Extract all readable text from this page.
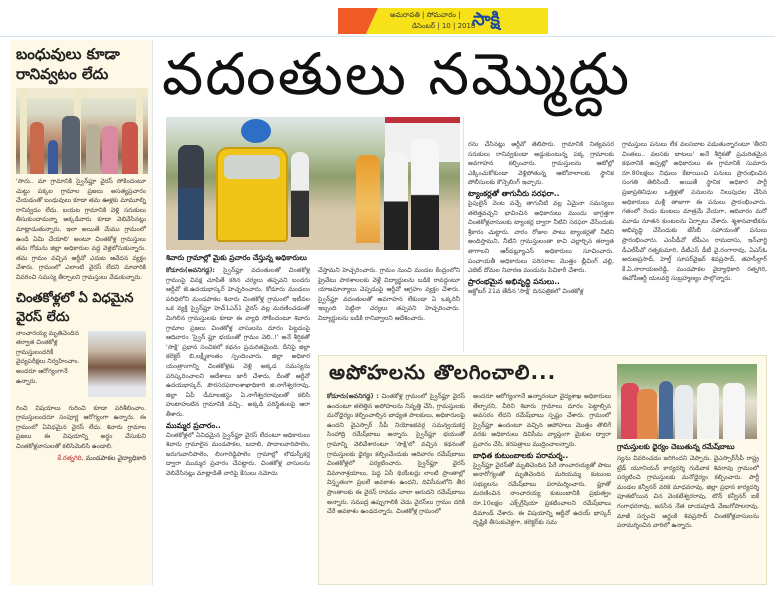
అమరావతి | సోమవారం |
డిసెంబర్ | 10 | 2018
సాక్షి
వదంతులు నమ్మొద్దు
బంధువులు కూడా రానివ్వటం లేదు
'సారు.. మా గ్రామానికి స్వైన్‌ఫ్లూ వైరస్ సోకిందంటూ చుట్టు పక్కల గ్రామాల ప్రజలు అసత్యప్రచారం చేయడంతో బంధువులు కూడా తమ ఊళ్లకు మామూల్ని రానివ్వడం లేదు. బయట గ్రామానికి వెళ్లి సరుకులు తీసుకుందామన్నా అక్కడివారు కూడా వెలివేసినట్లు మాట్లాడుతున్నారు. ఇలా అయితే మేము గ్రామంలో ఉండి ఏమి చేయాలి' అంటూ చింతకోళ్ల గ్రామస్తులు తమ గోడును జిల్లా అధికారుల వద్ద వెళ్లబోసుకున్నారు. తమ గ్రామం వచ్చిన ఆర్డీవో ఎదుట ఆవేదన వ్యక్తం చేశారు. గ్రామంలో ఎలాంటి వైరస్ లేదని మావారికి వివరించి సమస్య తీర్చాలని గ్రామస్తులు వేడుకున్నారు.
చింతకోళ్లలో ఏ విధమైన వైరస్ లేదు
నాంచారయ్య మృతిచెందిన తర్వాత చింతకోళ్ల గ్రామస్తులందరికీ వైద్యపరీక్షలు నిర్వహించాం. అందరూ ఆరోగ్యంగానే ఉన్నారు.
రించి విషయాలు గురించి కూడా పరిశీలించాం. గ్రామస్తులందరూ సంపూర్ణ ఆరోగ్యంగా ఉన్నారు. ఈ గ్రామంలో ఏవిధమైన వైరస్ లేదు. శివారు గ్రామాల ప్రజలు ఈ విషయాన్ని అర్థం చేసుకుని చింతకోళ్లవాసులతో కలిసిమెలిసి ఉండాలి.
కే.రత్నగిరి, మండపాకల వైద్యాధికారి
శివారు గ్రామాల్లో మైకు ప్రచారం చేస్తున్న అధికారులు
కోడూరు(అవనిగడ్డ): స్వైన్‌ఫ్లూ వదంతులతో చింతకోళ్ల గ్రామంపై వివక్ష చూపితే కఠిన చర్యలు తప్పవని బందరు ఆర్డీవో జె.ఉదయభాస్కర్ హెచ్చరించారు. కోడూరు మండలం పరిధిలోని మండపాకల శివారు చింతకోళ్ల గ్రామంలో ఇటీవల ఒక వ్యక్తి స్వైన్‌ఫ్లూ హెచ్1ఎన్1 వైరస్ వల్ల మరణించడంతో మిగిలిన గ్రామస్తులకు కూడా ఈ వ్యాధి సోకిందంటూ శివారు గ్రామాల ప్రజలు చింతకోళ్ల వాసులను దూరం పెట్టడంపై ఆదివారం 'స్వైన్ ఫ్లూ భయంతో గ్రామం వెలి..!' అనే శీర్షికతో 'సాక్షి' ప్రధాన సంచికలో కథనం ప్రచురితమైంది. దీనిపై జిల్లా కలెక్టర్ బి.లక్ష్మీకాంతం స్పందించారు. జిల్లా అధికార యంత్రాంగాన్ని చింతకోళ్లకు వెళ్లి అక్కడ సమస్యను పరిష్కరించాలని ఆదేశాలు జారీ చేశారు. దీంతో ఆర్డీవో ఉదయభాస్కర్, పౌరసరఫరాలశాఖాధికారి జి.నాగేశ్వరరావు, జిల్లా ఏపీ డీమాలజిస్టు ఏ.నాగేశ్వరరావులతో కలిసి హుటాహుటిన గ్రామానికి వచ్చి.. అక్కడి పరిస్థితులపై ఆరా తీశారు.
ముమ్మర ప్రచారం..
చింతకోళ్లలో ఏవిధమైన స్వైన్‌ఫ్లూ వైరస్ లేదంటూ అధికారులు శివారు గ్రామాలైన మండపాకల, బదాలి, పాదాలవారిపాలెం, జరుగువానిపాలెం, లింగారెడ్డిపాలెం గ్రామాల్లో లౌడుస్పీకర్ల ద్వారా ముమ్మర ప్రచారం చేపట్టారు. చింతకోళ్ల వాసులను వెలివేసినట్లు మాట్లాడితే వారిపై కేసులు నమోదు
చేస్తామని హెచ్చరించారు. గ్రామం నుంచి మండల కేంద్రంలోని ప్రైవేటు పాఠశాలలకు వెళ్లే విద్యార్థులను బడికి రావద్దంటూ యాజమాన్యాలు చెప్పడంపై ఆర్డీవో ఆగ్రహం వ్యక్తం చేశారు. స్వైన్‌ఫ్లూ వదంతులతో అవగాహన లేకుండా ఏ ఒక్కరినీ ఇబ్బంది పెట్టినా చర్యలు తప్పవని హెచ్చరించారు. విద్యార్థులను బడికి రానివ్వాలని ఆదేశించారు.
రను చేసినట్లు ఆర్డీవో తెలిపారు. గ్రామానికి నిత్యవసర సరుకులు రానివ్వకుండా అడ్డుకుంటున్న పక్క గ్రామాలకు అవగాహన కల్పించారు. గ్రామస్తులను ఆటోల్లో ఎక్కించుకోకుండా వెళ్లిపోతున్న ఆటోవాలాలకు స్థానిక పోలీసులకు కౌన్సెలింగ్ ఇచ్చారు.
ట్యాంకర్లతో తాగునీరు సరఫరా..
పైపులైన్ వెంట వచ్చే తాగునీటి వల్ల ఏమైనా సమస్యలు తలెత్తవచ్చని భావించిన అధికారులు ముందు జాగ్రత్తగా చింతకోళ్లవాసులకు ట్యాంకర్ల ద్వారా నీటిని సరఫరా చేసేందుకు శ్రీకారం చుట్టారు. వారం రోజుల పాటు ట్యాంకర్లతో నీటిని అందిస్తామని, నీటిని గ్రామస్తులంతా కాచి చల్లార్చిన తర్వాత తాగాలని ఆర్‌డబ్ల్యూఎస్ అధికారులు సూచించారు. పంచాయతీ అధికారులు పరిసరాల మొత్తం బ్లీచింగ్ చల్లి, ఎబెట్ దోమల నివారణ మందును పిచికారీ చేశారు.
ప్రారంభమైన అభివృద్ధి పనులు..
అక్టోబర్ 21వ తేదీన 'సాక్షి' దినపత్రికలో చింతకోళ్ల
గ్రామస్తులు పనులు లేక వలసబాట పడుతున్నారంటూ 'తీరని చింతలు.. వలసకు బాటలు' అనే శీర్షికతో ప్రచురితమైన కథనానికి అప్పట్లో అధికారులు ఈ గ్రామానికి సుమారు రూ.80లక్షలు నిధులు కేటాయించి పనులు ప్రారంభించిన సంగతి తెలిసిందే. అయితే స్థానిక అధికార పార్టీ ప్రజాప్రతినిధుల ఒత్తిళ్లతో పనులను నిలుపుదల చేసిన అధికారులు మళ్లీ తాజాగా ఈ పనులు ప్రారంభించారు. గతంలో రెండు కుంటలు మాత్రమే వేయగా, ఆదివారం మరో మూడు నూతన కుంటలను ఏర్పాటు చేశారు. శ్మశానవాటికను అభివృద్ధి చేసేందుకు జేసీబీ సహాయంతో పనులు ప్రారంభించారు. ఎంపీడీవో టీపీఎం రామదాసు, ఇన్‌చార్జి డీఎల్‌పీవో రత్నకుమారి, డీటీఎస్ డీటీ వై.రంగారావు, ఏఎస్ఓ అరుణప్రసాద్, హెల్త్ సూపర్‌వైజర్ శివప్రసాద్, తహసీల్దార్ కే.ఏ.నారాయణరెడ్డి, మండపాకల వైద్యాధికారి రత్నగిరి, ఈవోపీఆర్డీ యలవర్తి సుబ్రహ్మణ్యం పాల్గొన్నారు.
అపోహలను తొలగించాలి...
కోడూరు(అవనిగడ్డ) : చింతకోళ్ల గ్రామంలో స్వైన్‌ఫ్లూ వైరస్ ఉందంటూ తలెత్తిన అపోహలను నివృత్తి చేసి, గ్రామస్తులకు మనోధైర్యం కల్పించాల్సిన బాధ్యత పాలకులు, అధికారులపై ఉందని వైఎస్సార్ సీపీ నియోజకవర్గ సమన్వయకర్త సింహాద్రి రమేష్‌బాబు అన్నారు. స్వైన్‌ఫ్లూ భయంతో గ్రామాన్ని వెలివేశారంటూ 'సాక్షి'లో వచ్చిన కథనంతో గ్రామస్తులకు ధైర్యం కల్పించేందుకు ఆదివారం రమేష్‌బాబు చింతకోళ్లలో పర్యటించారు. స్వైన్‌ఫ్లూ వైరస్ విమానాశ్రయాలు, పెద్ద ఏసీ థియేటర్లు లాంటి ప్రాంతాల్లో విస్తృతంగా ప్రబలే అవకాశం ఉందని, దివిసీమలోని తీర ప్రాంతాలకు ఈ వైరస్ రావడం చాలా అరుదని రమేష్‌బాబు అన్నారు. సముద్ర ఉప్పుగాలికి చెడు వైరస్‌లు గ్రామం దరికి చేరే అవకాశం ఉండదన్నారు. చింతకోళ్ల గ్రామంలో
అందరూ ఆరోగ్యంగానే ఉన్నారంటూ వైద్యశాఖ అధికారులు తేల్చారని, వీరిని శివారు గ్రామాలు దూరం పెట్టాల్సిన అవసరం లేదని రమేష్‌బాబు స్పష్టం చేశారు. గ్రామంలో స్వైన్‌ఫ్లూ ఉందంటూ వచ్చిన అపోహలు మొత్తం తొలిగే వరకు అధికారులు దివిసీమ వ్యాప్తంగా మైకుల ద్వారా ప్రచారం చేసి, కరపత్రాలు ముద్రించాలన్నారు.
బాధిత కుటుంబాలకు పరామర్శ..
స్వైన్‌ఫ్లూ వైరస్‌తో మృతిచెందిన పేరే నాంచారయ్యతో పాటు అనారోగ్యంతో మృతిచెందిన మరియమ్మ కుటుంబ సభ్యులను రమేష్‌బాబు పరామర్శించారు. ఫ్లూతో మరణించిన నాంచారయ్య కుటుంబానికి ప్రభుత్వం రూ.10లక్షల ఎక్స్‌గ్రేషియా ప్రకటించాలని రమేష్‌బాబు డిమాండ్ చేశారు. ఈ విషయాన్ని ఆర్డీవో ఉదయ్ భాస్కర్ దృష్టికి తీసుకువెళ్లగా, కలెక్టర్‌కు సమ
గ్రామస్తులకు ధైర్యం చెబుతున్న రమేష్‌బాబు
స్యను వివరించడం జరిగిందని చెప్పారు. వైఎస్సార్‌సీపీ రాష్ట్ర ట్రేడ్ యూనియన్ కార్యదర్శి గుడివాక శివరావు గ్రామంలో పర్యటించి గ్రామస్తులకు మనోధైర్యం కల్పించారు. పార్టీ మండల కన్వీనర్ వరికె మాధవరావు, జిల్లా ప్రధాన కార్యదర్శి పూతబోయిన చిన వెంకటేశ్వరరావు, టౌన్ కన్వీనర్ ఐకే గంగాధరరావు, జనసేన నేత దాయపూడి వేణుగోపాలరావు, మాజీ సర్పంచి అర్జంకి శివప్రసాద్ చింతకోళ్లవాసులను పరామర్శించిన వారిలో ఉన్నారు.
